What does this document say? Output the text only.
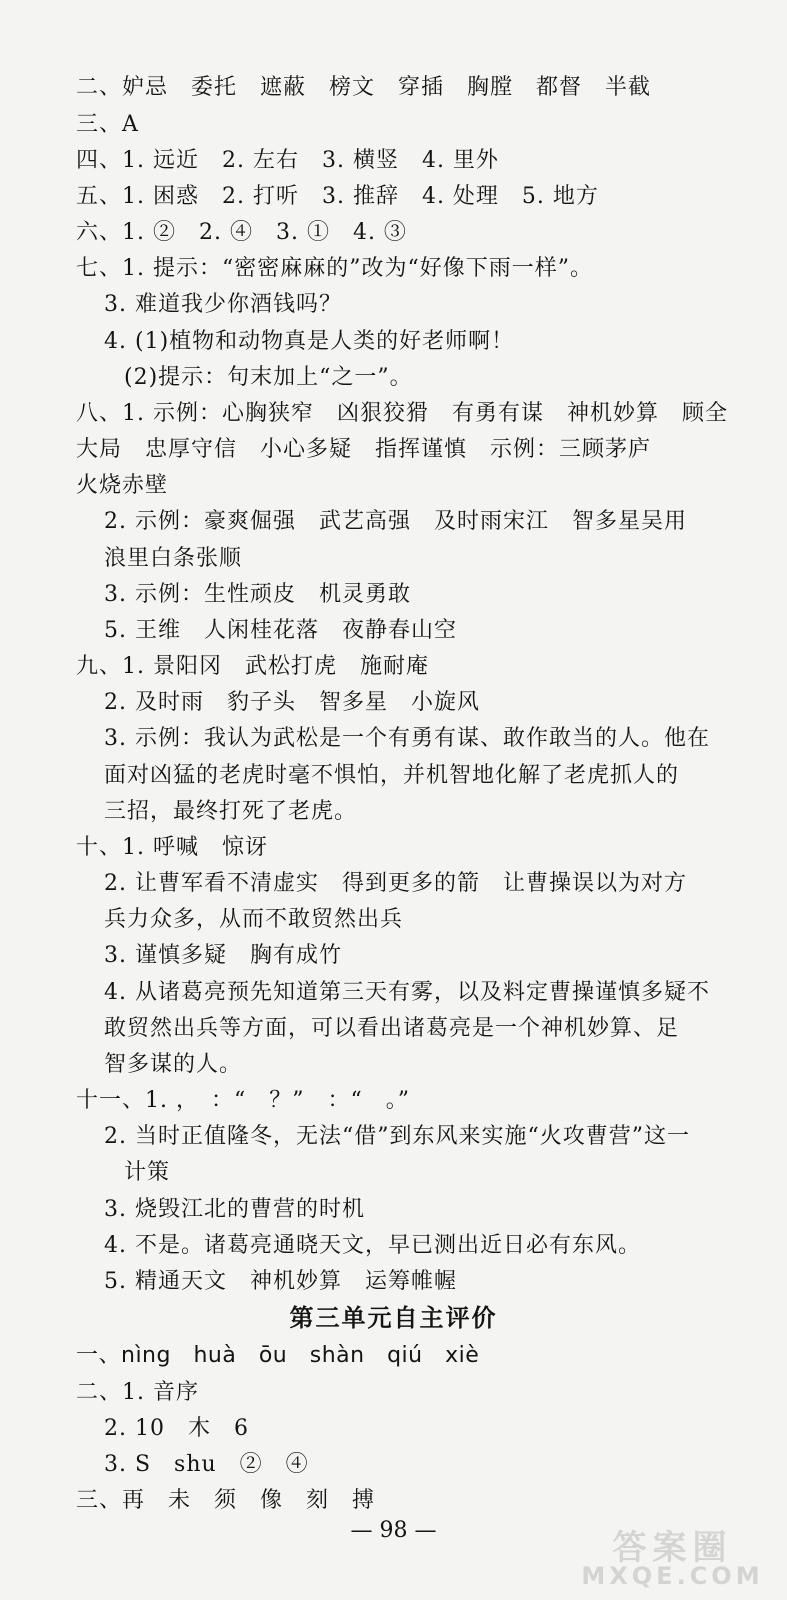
二、妒忌　委托　遮蔽　榜文　穿插　胸膛　都督　半截
三、A
四、1. 远近　2. 左右　3. 横竖　4. 里外
五、1. 困惑　2. 打听　3. 推辞　4. 处理　5. 地方
六、1. ②　2. ④　3. ①　4. ③
七、1. 提示：“密密麻麻的”改为“好像下雨一样”。
3. 难道我少你酒钱吗？
4. (1)植物和动物真是人类的好老师啊！
(2)提示：句末加上“之一”。
八、1. 示例：心胸狭窄　凶狠狡猾　有勇有谋　神机妙算　顾全
大局　忠厚守信　小心多疑　指挥谨慎　示例：三顾茅庐
火烧赤壁
2. 示例：豪爽倔强　武艺高强　及时雨宋江　智多星吴用
浪里白条张顺
3. 示例：生性顽皮　机灵勇敢
5. 王维　人闲桂花落　夜静春山空
九、1. 景阳冈　武松打虎　施耐庵
2. 及时雨　豹子头　智多星　小旋风
3. 示例：我认为武松是一个有勇有谋、敢作敢当的人。他在
面对凶猛的老虎时毫不惧怕，并机智地化解了老虎抓人的
三招，最终打死了老虎。
十、1. 呼喊　惊讶
2. 让曹军看不清虚实　得到更多的箭　让曹操误以为对方
兵力众多，从而不敢贸然出兵
3. 谨慎多疑　胸有成竹
4. 从诸葛亮预先知道第三天有雾，以及料定曹操谨慎多疑不
敢贸然出兵等方面，可以看出诸葛亮是一个神机妙算、足
智多谋的人。
十一、1. ，　：“　？”　：“　。”
2. 当时正值隆冬，无法“借”到东风来实施“火攻曹营”这一
计策
3. 烧毁江北的曹营的时机
4. 不是。诸葛亮通晓天文，早已测出近日必有东风。
5. 精通天文　神机妙算　运筹帷幄
第三单元自主评价
一、nìng　huà　ōu　shàn　qiú　xiè
二、1. 音序
2. 10　木　6
3. S　shu　②　④
三、再　未　须　像　刻　搏
— 98 —	答案圈
MXQE.COM
